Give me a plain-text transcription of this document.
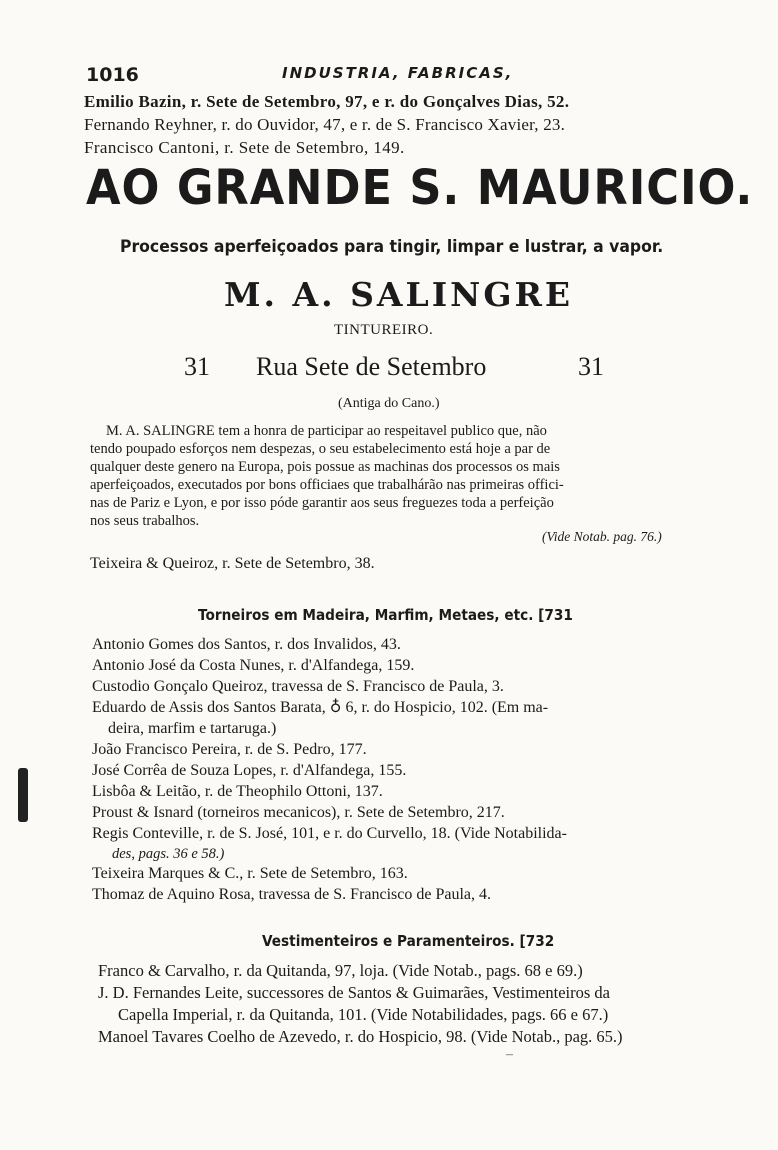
1016	INDUSTRIA, FABRICAS,
Emilio Bazin, r. Sete de Setembro, 97, e r. do Gonçalves Dias, 52.
Fernando Reyhner, r. do Ouvidor, 47, e r. de S. Francisco Xavier, 23.
Francisco Cantoni, r. Sete de Setembro, 149.
AO GRANDE S. MAURICIO.
Processos aperfeiçoados para tingir, limpar e lustrar, a vapor.
M. A. SALINGRE
TINTUREIRO.
31 Rua Sete de Setembro	31
(Antiga do Cano.)
M. A. SALINGRE tem a honra de participar ao respeitavel publico que, não
tendo poupado esforços nem despezas, o seu estabelecimento está hoje a par de
qualquer deste genero na Europa, pois possue as machinas dos processos os mais
aperfeiçoados, executados por bons officiaes que trabalhárão nas primeiras offici-
nas de Pariz e Lyon, e por isso póde garantir aos seus freguezes toda a perfeição
nos seus trabalhos.
(Vide Notab. pag. 76.)
Teixeira & Queiroz, r. Sete de Setembro, 38.
Torneiros em Madeira, Marfim, Metaes, etc. [731
Antonio Gomes dos Santos, r. dos Invalidos, 43.
Antonio José da Costa Nunes, r. d'Alfandega, 159.
Custodio Gonçalo Queiroz, travessa de S. Francisco de Paula, 3.
Eduardo de Assis dos Santos Barata, ♁ 6, r. do Hospicio, 102. (Em ma-
deira, marfim e tartaruga.)
João Francisco Pereira, r. de S. Pedro, 177.
José Corrêa de Souza Lopes, r. d'Alfandega, 155.
Lisbôa & Leitão, r. de Theophilo Ottoni, 137.
Proust & Isnard (torneiros mecanicos), r. Sete de Setembro, 217.
Regis Conteville, r. de S. José, 101, e r. do Curvello, 18. (Vide Notabilida-
des, pags. 36 e 58.)
Teixeira Marques & C., r. Sete de Setembro, 163.
Thomaz de Aquino Rosa, travessa de S. Francisco de Paula, 4.
Vestimenteiros e Paramenteiros. [732
Franco & Carvalho, r. da Quitanda, 97, loja. (Vide Notab., pags. 68 e 69.)
J. D. Fernandes Leite, successores de Santos & Guimarães, Vestimenteiros da
Capella Imperial, r. da Quitanda, 101. (Vide Notabilidades, pags. 66 e 67.)
Manoel Tavares Coelho de Azevedo, r. do Hospicio, 98. (Vide Notab., pag. 65.)
–
